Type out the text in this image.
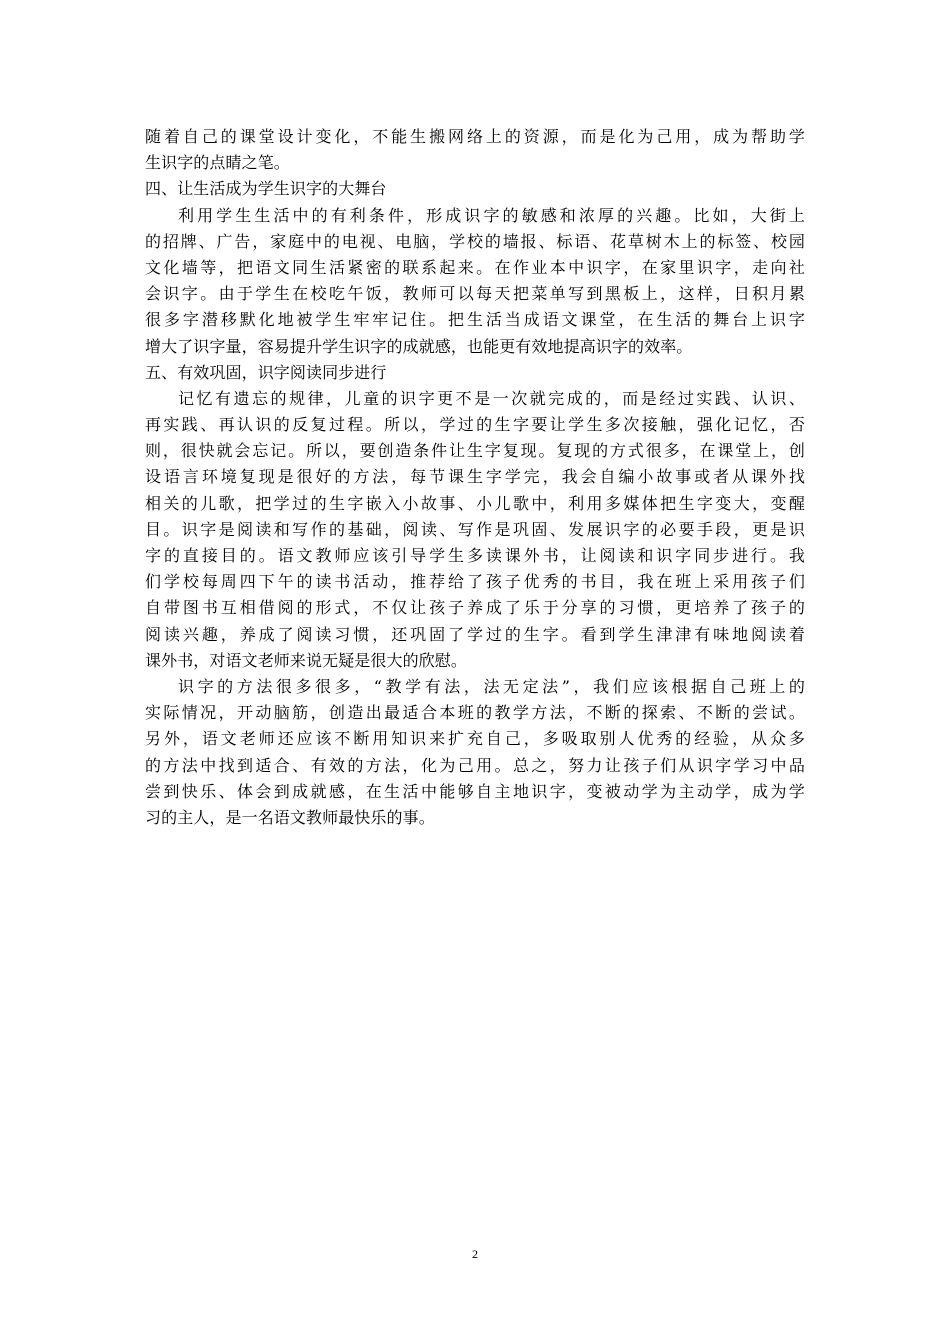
随着自己的课堂设计变化，不能生搬网络上的资源，而是化为己用，成为帮助学
生识字的点睛之笔。
四、让生活成为学生识字的大舞台
利用学生生活中的有利条件，形成识字的敏感和浓厚的兴趣。比如，大街上
的招牌、广告，家庭中的电视、电脑，学校的墙报、标语、花草树木上的标签、校园
文化墙等，把语文同生活紧密的联系起来。在作业本中识字，在家里识字，走向社
会识字。由于学生在校吃午饭，教师可以每天把菜单写到黑板上，这样，日积月累
很多字潜移默化地被学生牢牢记住。把生活当成语文课堂，在生活的舞台上识字
增大了识字量，容易提升学生识字的成就感，也能更有效地提高识字的效率。
五、有效巩固，识字阅读同步进行
记忆有遗忘的规律，儿童的识字更不是一次就完成的，而是经过实践、认识、
再实践、再认识的反复过程。所以，学过的生字要让学生多次接触，强化记忆，否
则，很快就会忘记。所以，要创造条件让生字复现。复现的方式很多，在课堂上，创
设语言环境复现是很好的方法，每节课生字学完，我会自编小故事或者从课外找
相关的儿歌，把学过的生字嵌入小故事、小儿歌中，利用多媒体把生字变大，变醒
目。识字是阅读和写作的基础，阅读、写作是巩固、发展识字的必要手段，更是识
字的直接目的。语文教师应该引导学生多读课外书，让阅读和识字同步进行。我
们学校每周四下午的读书活动，推荐给了孩子优秀的书目，我在班上采用孩子们
自带图书互相借阅的形式，不仅让孩子养成了乐于分享的习惯，更培养了孩子的
阅读兴趣，养成了阅读习惯，还巩固了学过的生字。看到学生津津有味地阅读着
课外书，对语文老师来说无疑是很大的欣慰。
识字的方法很多很多，“教学有法，法无定法”，我们应该根据自己班上的
实际情况，开动脑筋，创造出最适合本班的教学方法，不断的探索、不断的尝试。
另外，语文老师还应该不断用知识来扩充自己，多吸取别人优秀的经验，从众多
的方法中找到适合、有效的方法，化为己用。总之，努力让孩子们从识字学习中品
尝到快乐、体会到成就感，在生活中能够自主地识字，变被动学为主动学，成为学
习的主人，是一名语文教师最快乐的事。
2
